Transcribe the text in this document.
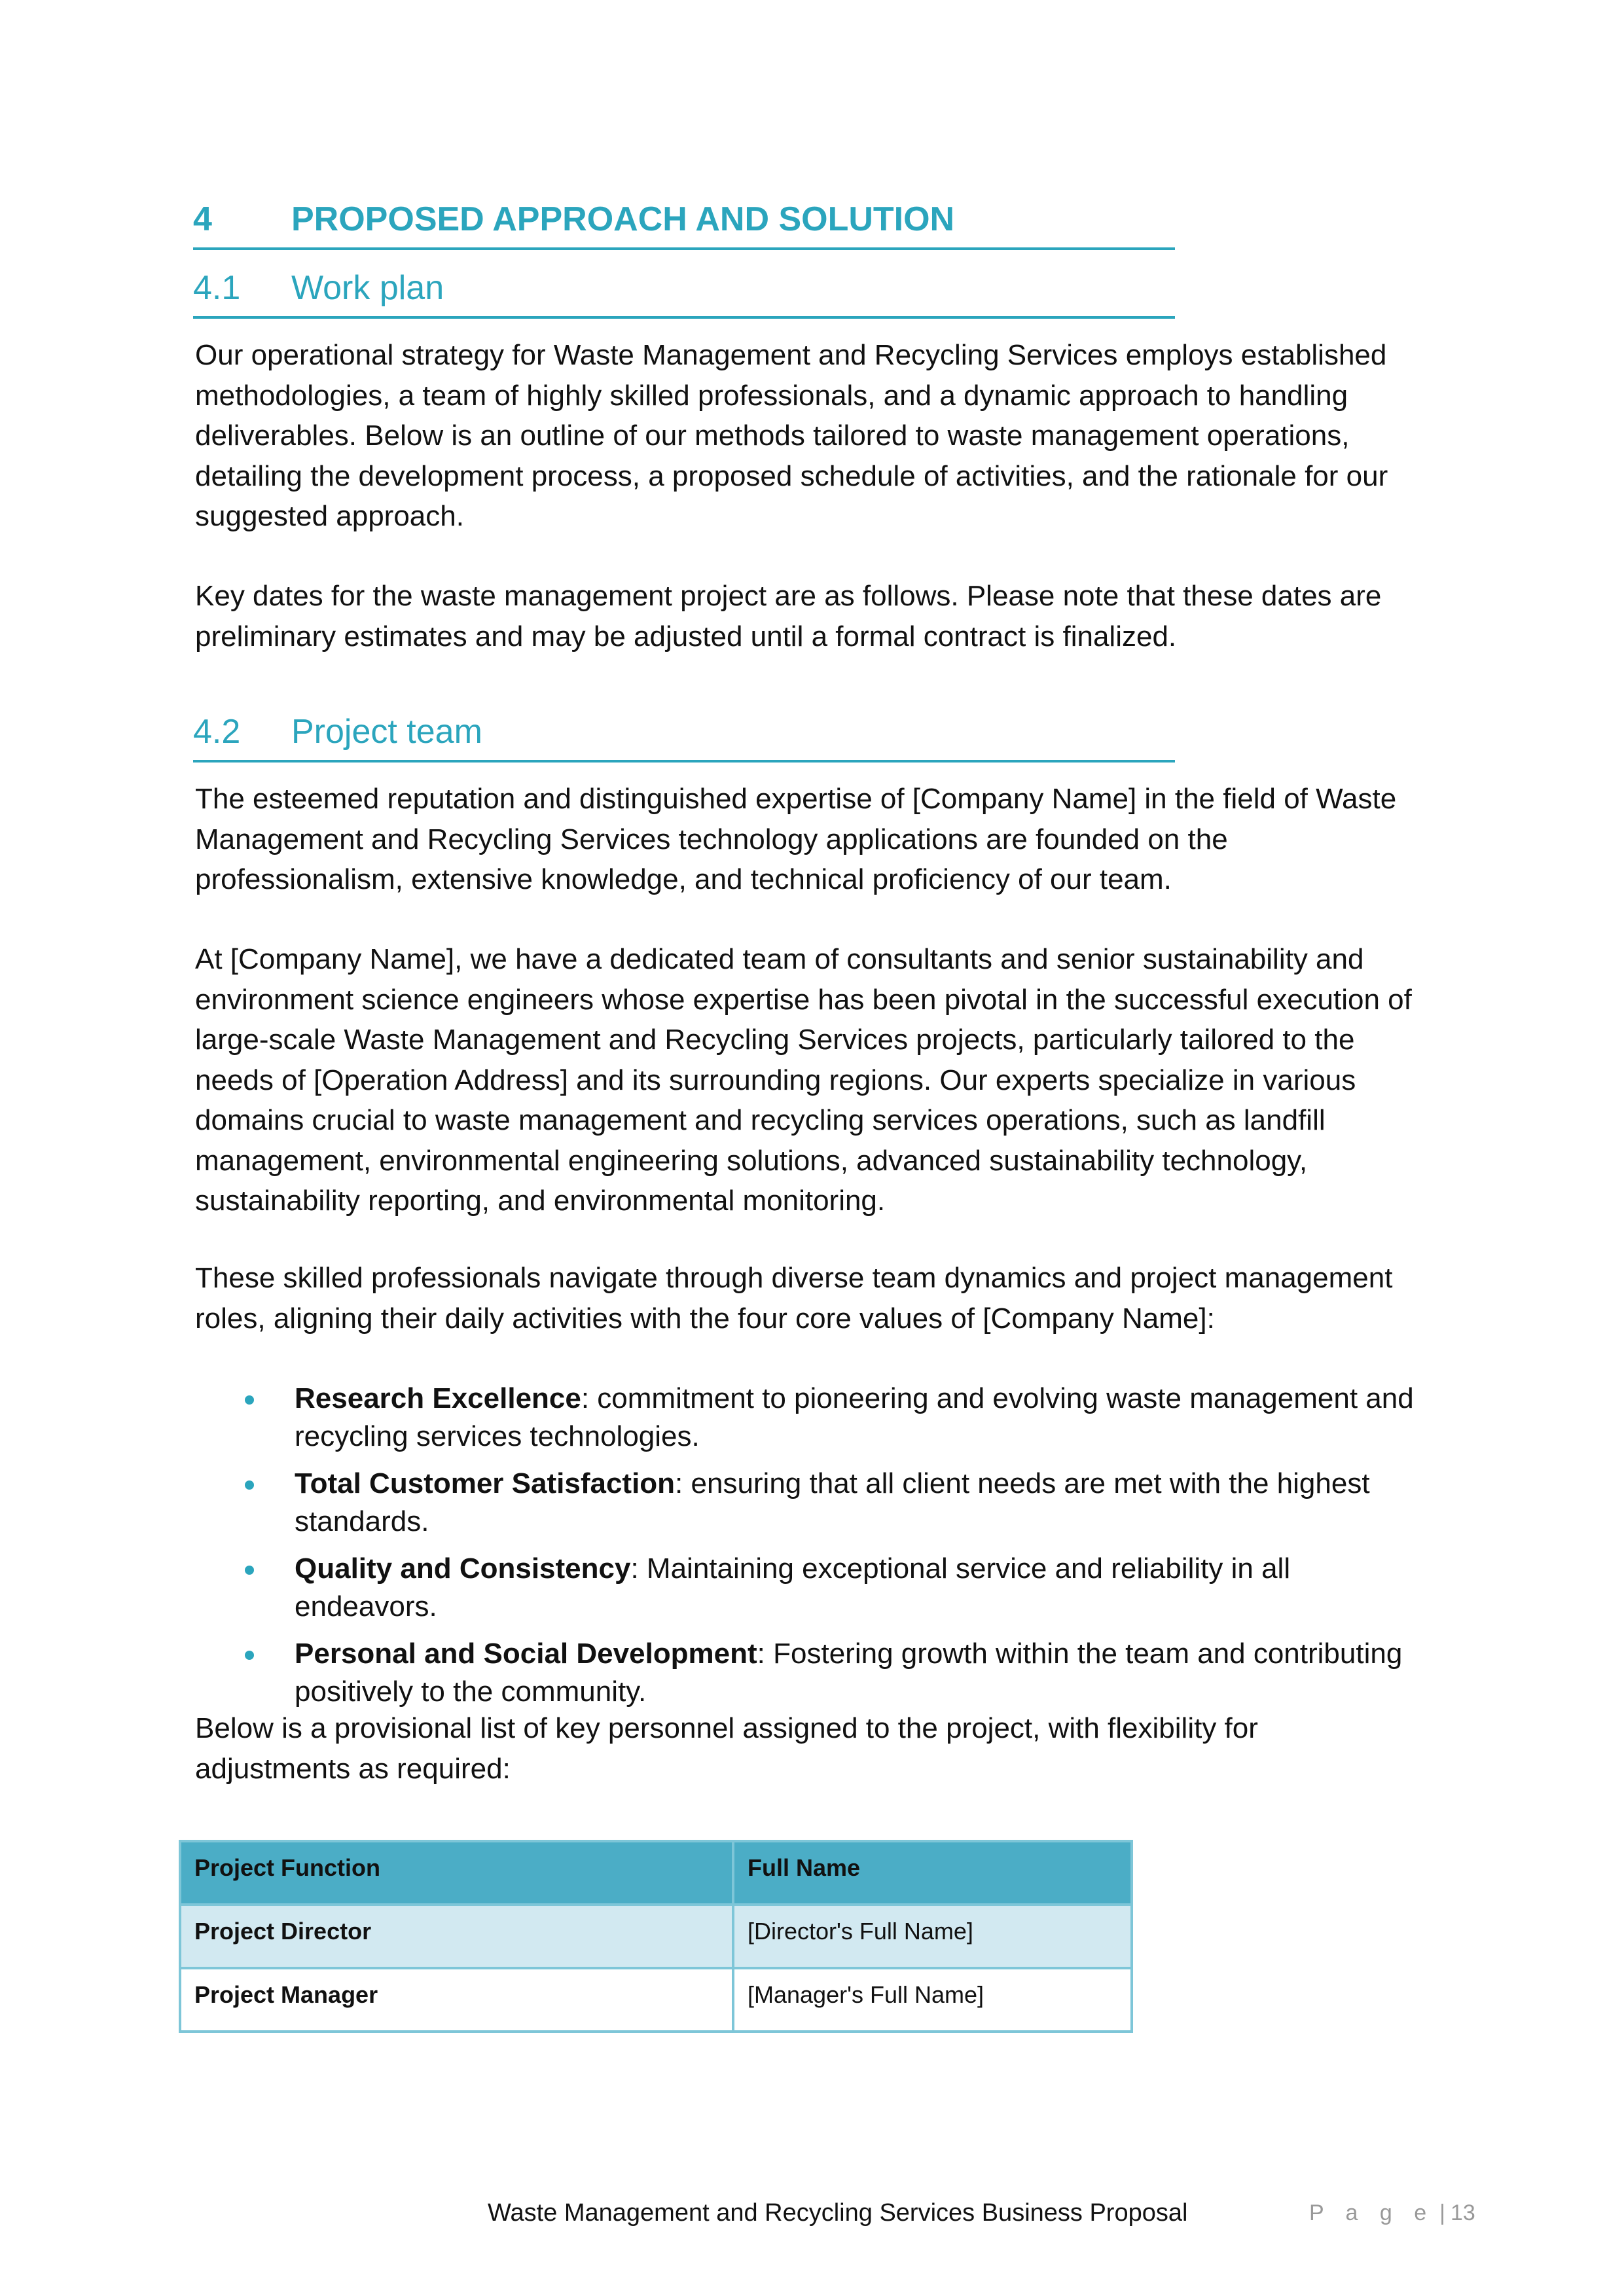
4 PROPOSED APPROACH AND SOLUTION
4.1 Work plan

Our operational strategy for Waste Management and Recycling Services employs established methodologies, a team of highly skilled professionals, and a dynamic approach to handling deliverables. Below is an outline of our methods tailored to waste management operations, detailing the development process, a proposed schedule of activities, and the rationale for our suggested approach.

Key dates for the waste management project are as follows. Please note that these dates are preliminary estimates and may be adjusted until a formal contract is finalized.

4.2 Project team

The esteemed reputation and distinguished expertise of [Company Name] in the field of Waste Management and Recycling Services technology applications are founded on the professionalism, extensive knowledge, and technical proficiency of our team.

At [Company Name], we have a dedicated team of consultants and senior sustainability and environment science engineers whose expertise has been pivotal in the successful execution of large-scale Waste Management and Recycling Services projects, particularly tailored to the needs of [Operation Address] and its surrounding regions. Our experts specialize in various domains crucial to waste management and recycling services operations, such as landfill management, environmental engineering solutions, advanced sustainability technology, sustainability reporting, and environmental monitoring.

These skilled professionals navigate through diverse team dynamics and project management roles, aligning their daily activities with the four core values of [Company Name]:

Research Excellence: commitment to pioneering and evolving waste management and recycling services technologies.
Total Customer Satisfaction: ensuring that all client needs are met with the highest standards.
Quality and Consistency: Maintaining exceptional service and reliability in all endeavors.
Personal and Social Development: Fostering growth within the team and contributing positively to the community.

Below is a provisional list of key personnel assigned to the project, with flexibility for adjustments as required:

Project Function	Full Name
Project Director	[Director's Full Name]
Project Manager	[Manager's Full Name]
Waste Management and Recycling Services Business Proposal	P a g e | 13
